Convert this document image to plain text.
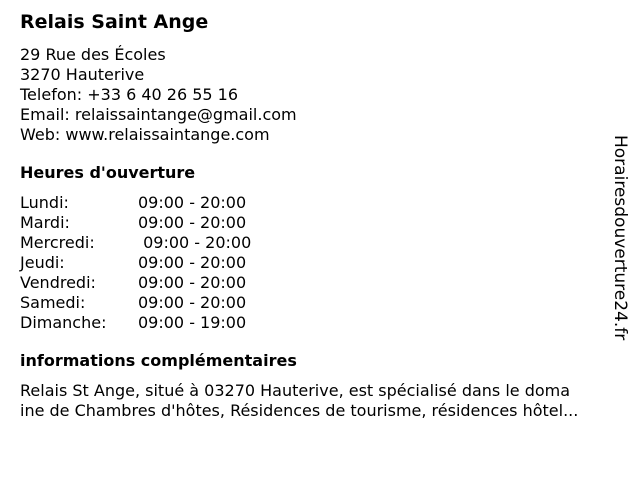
Relais Saint Ange
29 Rue des Écoles
3270 Hauterive
Telefon: +33 6 40 26 55 16
Email: relaissaintange@gmail.com
Web: www.relaissaintange.com
Heures d'ouverture
Lundi:	09:00 - 20:00
Mardi:	09:00 - 20:00
Mercredi:	09:00 - 20:00
Jeudi:	09:00 - 20:00
Vendredi:	09:00 - 20:00
Samedi:	09:00 - 20:00
Dimanche:	09:00 - 19:00
informations complémentaires
Relais St Ange, situé à 03270 Hauterive, est spécialisé dans le doma
ine de Chambres d'hôtes, Résidences de tourisme, résidences hôtel...
Horairesdouverture24.fr
